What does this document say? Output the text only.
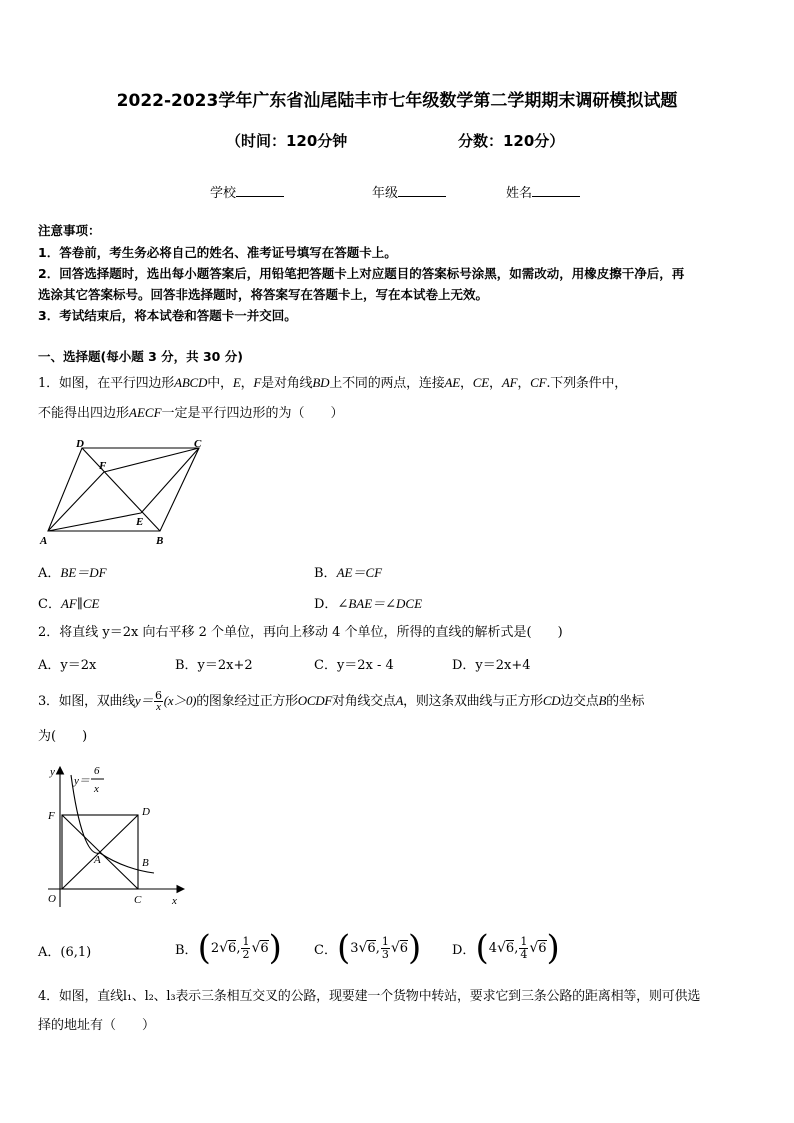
2022-2023学年广东省汕尾陆丰市七年级数学第二学期期末调研模拟试题
（时间：120分钟	分数：120分）
学校	年级	姓名
注意事项：
1．答卷前，考生务必将自己的姓名、准考证号填写在答题卡上。
2．回答选择题时，选出每小题答案后，用铅笔把答题卡上对应题目的答案标号涂黑，如需改动，用橡皮擦干净后，再
选涂其它答案标号。回答非选择题时，将答案写在答题卡上，写在本试卷上无效。
3．考试结束后，将本试卷和答题卡一并交回。
一、选择题(每小题 3 分，共 30 分)
1．如图，在平行四边形ABCD中，E，F是对角线BD上不同的两点，连接AE，CE，AF，CF.下列条件中，
不能得出四边形AECF一定是平行四边形的为（　　）
D	C
F
E
A	B
A．BE＝DF	B．AE＝CF
C．AF∥CE	D．∠BAE＝∠DCE
2．将直线 y＝2x 向右平移 2 个单位，再向上移动 4 个单位，所得的直线的解析式是(　　)
A．y＝2x	B．y＝2x+2	C．y＝2x - 4	D．y＝2x+4
3．如图，双曲线$y= \frac{6}{x} (x>0)$的图象经过正方形OCDF对角线交点A，则这条双曲线与正方形CD边交点B的坐标
为(　　)
y
x
O	C
D
F
A	B
y＝
6
x
A．(6,1)	B． ( 2 √ 6 , $\frac{1}{2}$ √ 6 ) C． ( 3 √ 6 , $\frac{1}{3}$ √ 6 ) D． ( 4 √ 6 , $\frac{1}{4}$ √ 6 )
4．如图，直线l₁、l₂、l₃表示三条相互交叉的公路，现要建一个货物中转站，要求它到三条公路的距离相等，则可供选
择的地址有（　　）
